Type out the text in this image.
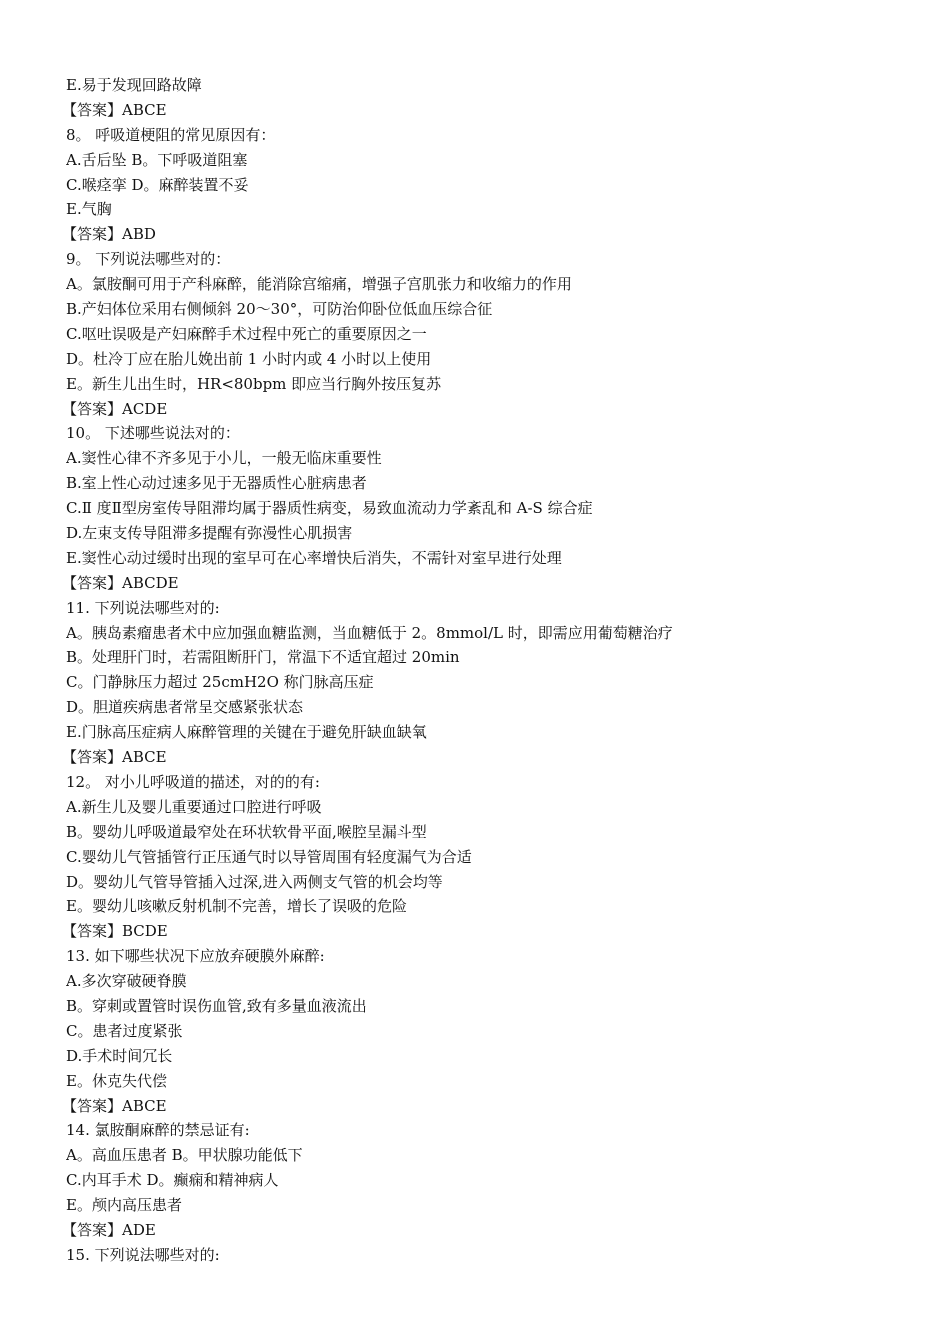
E.易于发现回路故障
【答案】ABCE
8。 呼吸道梗阻的常见原因有：
A.舌后坠 B。下呼吸道阻塞
C.喉痉挛 D。麻醉装置不妥
E.气胸
【答案】ABD
9。 下列说法哪些对的：
A。氯胺酮可用于产科麻醉，能消除宫缩痛，增强子宫肌张力和收缩力的作用
B.产妇体位采用右侧倾斜 20～30°，可防治仰卧位低血压综合征
C.呕吐误吸是产妇麻醉手术过程中死亡的重要原因之一
D。杜冷丁应在胎儿娩出前 1 小时内或 4 小时以上使用
E。新生儿出生时，HR<80bpm 即应当行胸外按压复苏
【答案】ACDE
10。 下述哪些说法对的：
A.窦性心律不齐多见于小儿，一般无临床重要性
B.室上性心动过速多见于无器质性心脏病患者
C.Ⅱ 度Ⅱ型房室传导阻滞均属于器质性病变，易致血流动力学紊乱和 A-S 综合症
D.左束支传导阻滞多提醒有弥漫性心肌损害
E.窦性心动过缓时出现的室早可在心率增快后消失，不需针对室早进行处理
【答案】ABCDE
11. 下列说法哪些对的:
A。胰岛素瘤患者术中应加强血糖监测，当血糖低于 2。8mmol/L 时，即需应用葡萄糖治疗
B。处理肝门时，若需阻断肝门，常温下不适宜超过 20min
C。门静脉压力超过 25cmH2O 称门脉高压症
D。胆道疾病患者常呈交感紧张状态
E.门脉高压症病人麻醉管理的关键在于避免肝缺血缺氧
【答案】ABCE
12。 对小儿呼吸道的描述，对的的有:
A.新生儿及婴儿重要通过口腔进行呼吸
B。婴幼儿呼吸道最窄处在环状软骨平面,喉腔呈漏斗型
C.婴幼儿气管插管行正压通气时以导管周围有轻度漏气为合适
D。婴幼儿气管导管插入过深,进入两侧支气管的机会均等
E。婴幼儿咳嗽反射机制不完善，增长了误吸的危险
【答案】BCDE
13. 如下哪些状况下应放弃硬膜外麻醉:
A.多次穿破硬脊膜
B。穿刺或置管时误伤血管,致有多量血液流出
C。患者过度紧张
D.手术时间冗长
E。休克失代偿
【答案】ABCE
14. 氯胺酮麻醉的禁忌证有:
A。高血压患者 B。甲状腺功能低下
C.内耳手术 D。癫痫和精神病人
E。颅内高压患者
【答案】ADE
15. 下列说法哪些对的:
